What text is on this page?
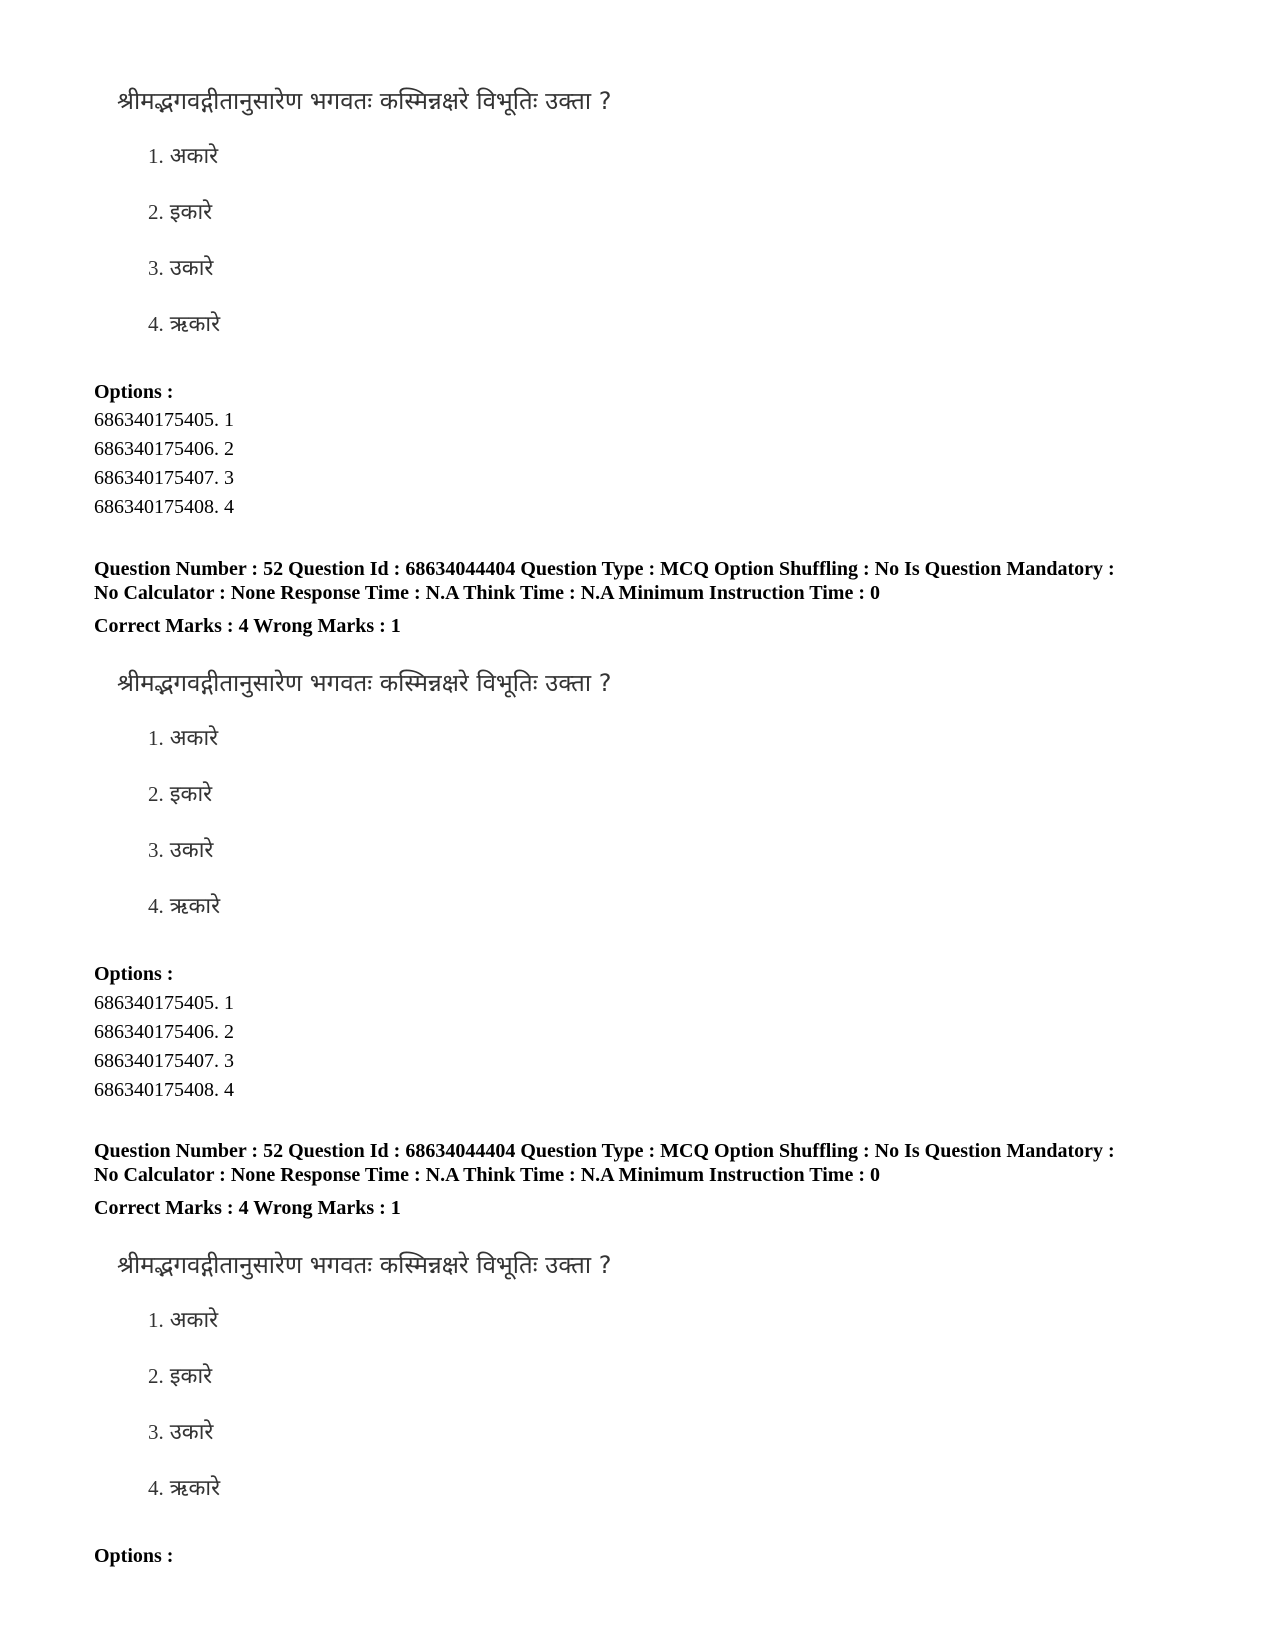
श्रीमद्भगवद्गीतानुसारेण भगवतः कस्मिन्नक्षरे विभूतिः उक्ता ?
1. अकारे
2. इकारे
3. उकारे
4. ऋकारे
Options :
686340175405. 1
686340175406. 2
686340175407. 3
686340175408. 4
Question Number : 52 Question Id : 68634044404 Question Type : MCQ Option Shuffling : No Is Question Mandatory :
No Calculator : None Response Time : N.A Think Time : N.A Minimum Instruction Time : 0
Correct Marks : 4 Wrong Marks : 1
श्रीमद्भगवद्गीतानुसारेण भगवतः कस्मिन्नक्षरे विभूतिः उक्ता ?
1. अकारे
2. इकारे
3. उकारे
4. ऋकारे
Options :
686340175405. 1
686340175406. 2
686340175407. 3
686340175408. 4
Question Number : 52 Question Id : 68634044404 Question Type : MCQ Option Shuffling : No Is Question Mandatory :
No Calculator : None Response Time : N.A Think Time : N.A Minimum Instruction Time : 0
Correct Marks : 4 Wrong Marks : 1
श्रीमद्भगवद्गीतानुसारेण भगवतः कस्मिन्नक्षरे विभूतिः उक्ता ?
1. अकारे
2. इकारे
3. उकारे
4. ऋकारे
Options :
